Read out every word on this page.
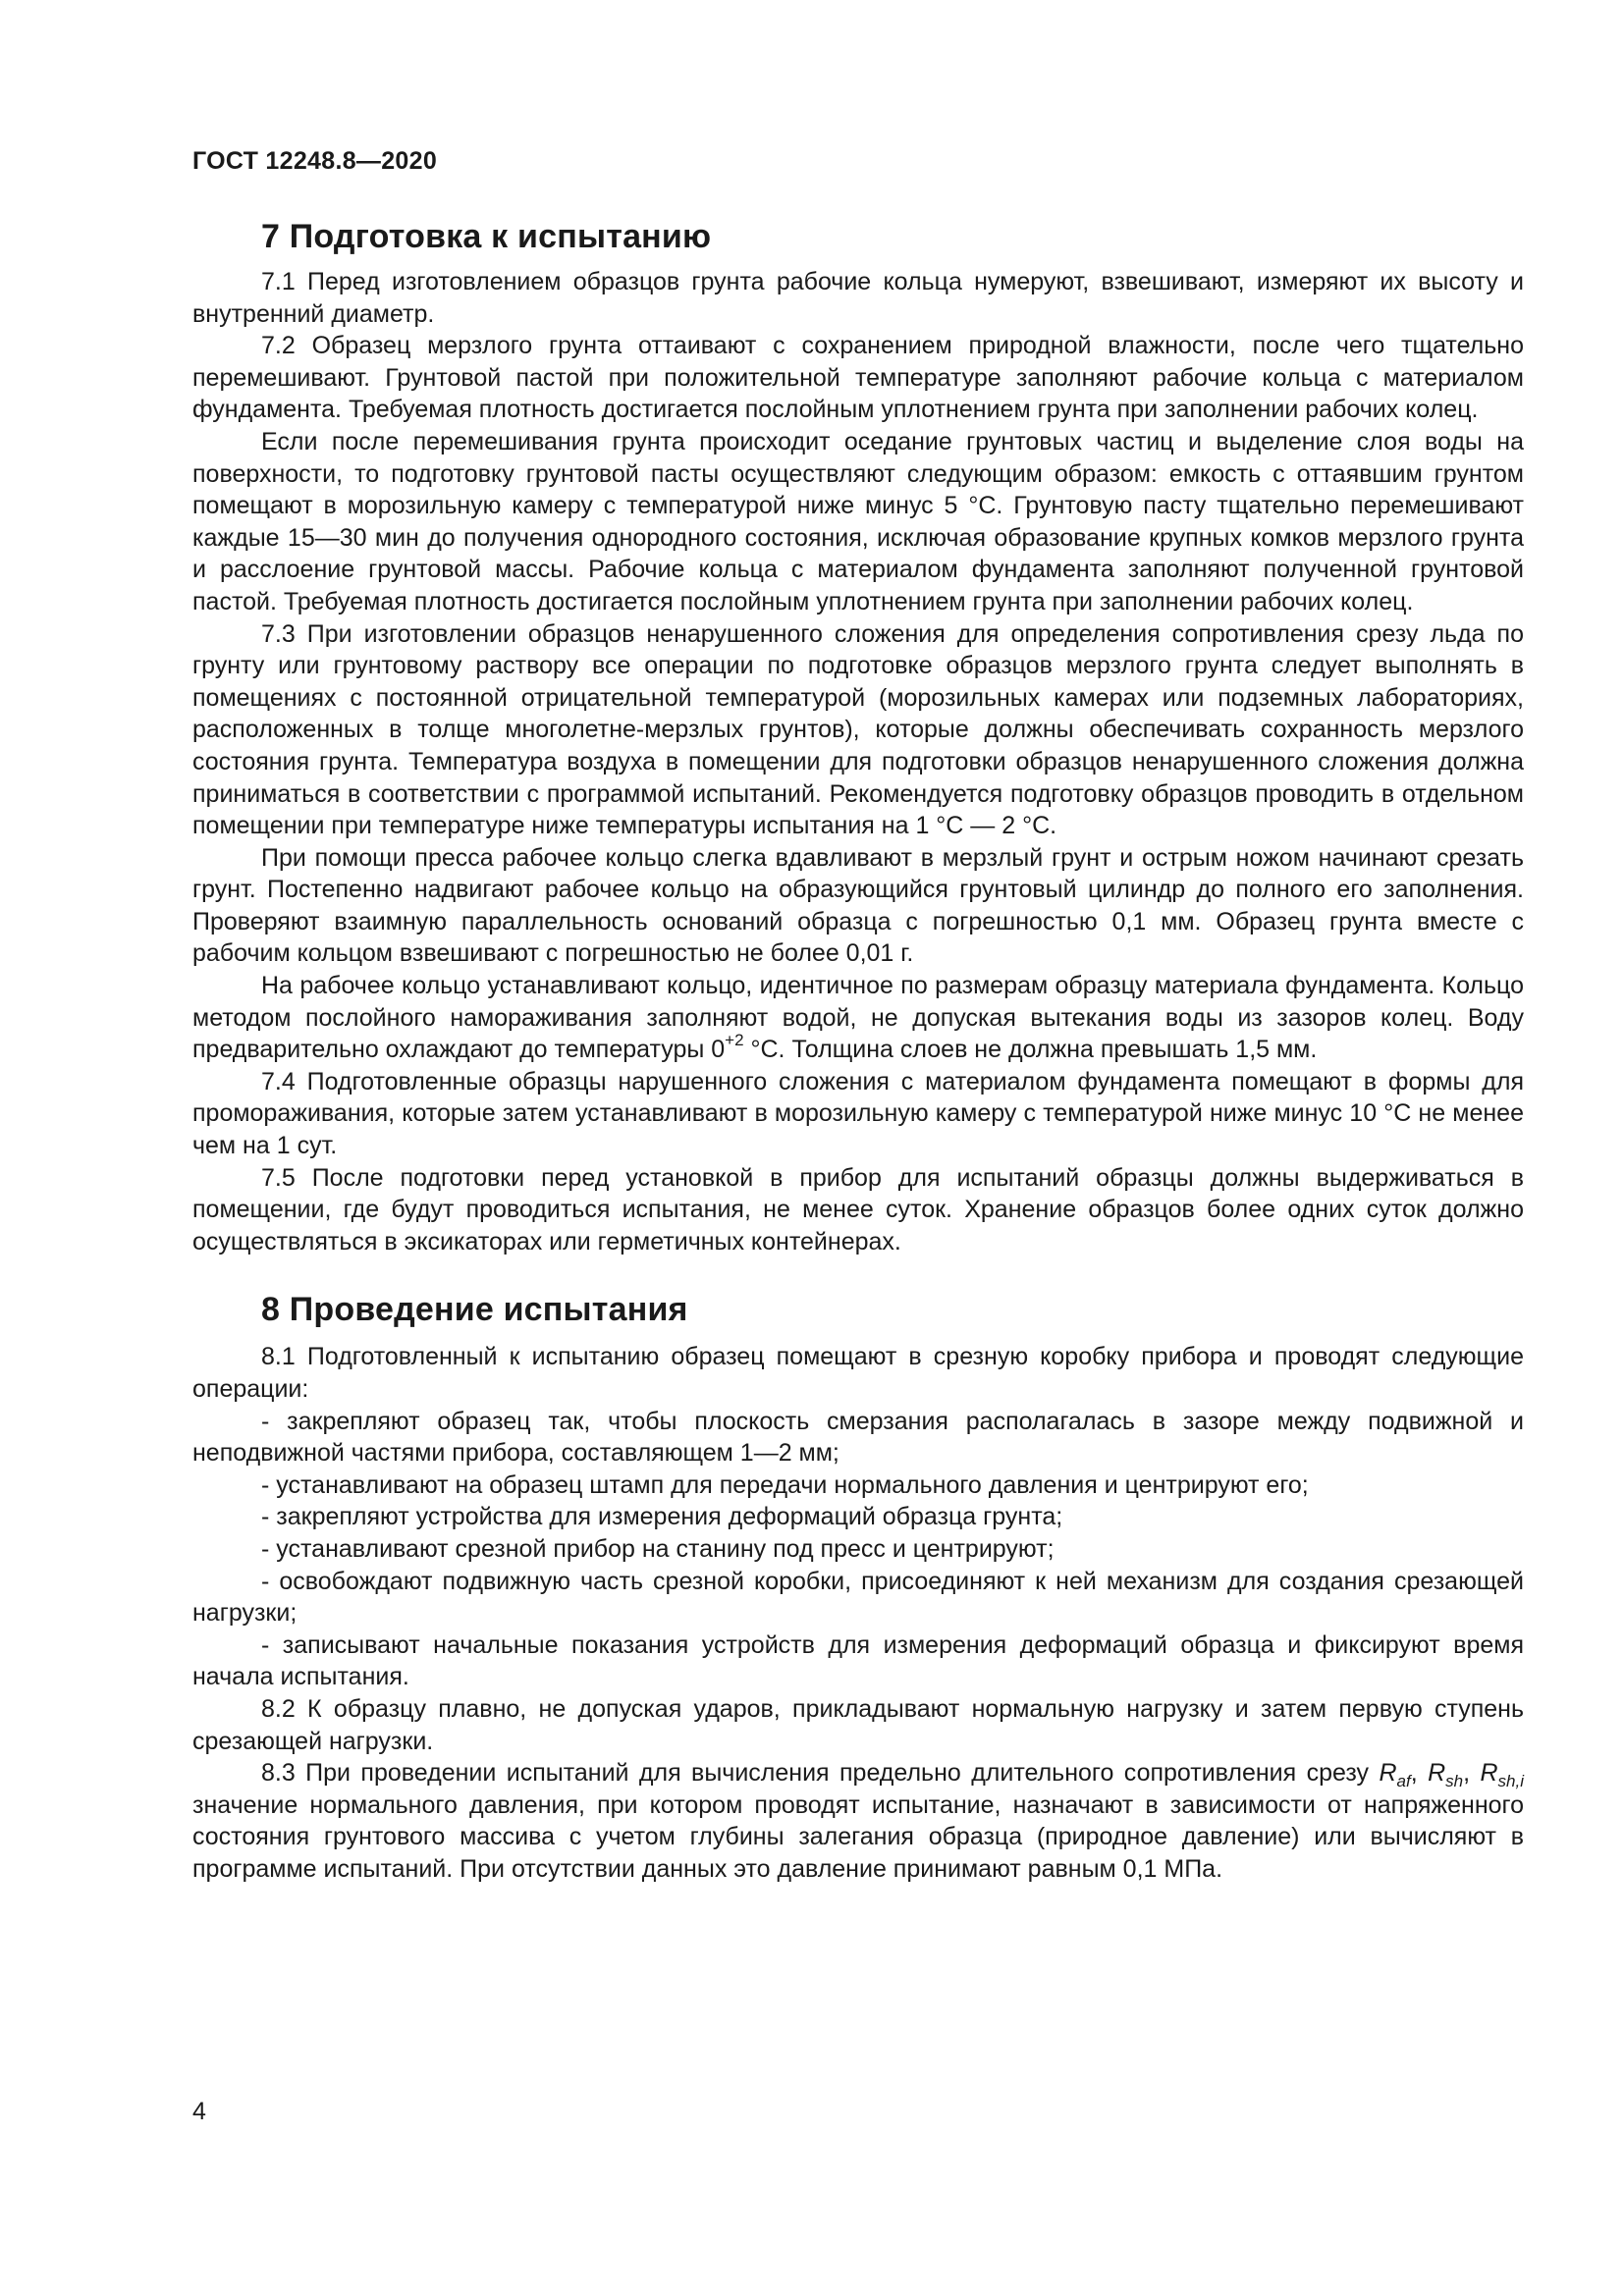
ГОСТ 12248.8—2020
7 Подготовка к испытанию

7.1 Перед изготовлением образцов грунта рабочие кольца нумеруют, взвешивают, измеряют их высоту и внутренний диаметр.

7.2 Образец мерзлого грунта оттаивают с сохранением природной влажности, после чего тщательно перемешивают. Грунтовой пастой при положительной температуре заполняют рабочие кольца с материалом фундамента. Требуемая плотность достигается послойным уплотнением грунта при заполнении рабочих колец.

Если после перемешивания грунта происходит оседание грунтовых частиц и выделение слоя воды на поверхности, то подготовку грунтовой пасты осуществляют следующим образом: емкость с оттаявшим грунтом помещают в морозильную камеру с температурой ниже минус 5 °С. Грунтовую пасту тщательно перемешивают каждые 15—30 мин до получения однородного состояния, исключая образование крупных комков мерзлого грунта и расслоение грунтовой массы. Рабочие кольца с материалом фундамента заполняют полученной грунтовой пастой. Требуемая плотность достигается послойным уплотнением грунта при заполнении рабочих колец.

7.3 При изготовлении образцов ненарушенного сложения для определения сопротивления срезу льда по грунту или грунтовому раствору все операции по подготовке образцов мерзлого грунта следует выполнять в помещениях с постоянной отрицательной температурой (морозильных камерах или подземных лабораториях, расположенных в толще многолетне-мерзлых грунтов), которые должны обеспечивать сохранность мерзлого состояния грунта. Температура воздуха в помещении для подготовки образцов ненарушенного сложения должна приниматься в соответствии с программой испытаний. Рекомендуется подготовку образцов проводить в отдельном помещении при температуре ниже температуры испытания на 1 °С — 2 °С.

При помощи пресса рабочее кольцо слегка вдавливают в мерзлый грунт и острым ножом начинают срезать грунт. Постепенно надвигают рабочее кольцо на образующийся грунтовый цилиндр до полного его заполнения. Проверяют взаимную параллельность оснований образца с погрешностью 0,1 мм. Образец грунта вместе с рабочим кольцом взвешивают с погрешностью не более 0,01 г.

На рабочее кольцо устанавливают кольцо, идентичное по размерам образцу материала фундамента. Кольцо методом послойного намораживания заполняют водой, не допуская вытекания воды из зазоров колец. Воду предварительно охлаждают до температуры $0^{+2}$ °С. Толщина слоев не должна превышать 1,5 мм.

7.4 Подготовленные образцы нарушенного сложения с материалом фундамента помещают в формы для промораживания, которые затем устанавливают в морозильную камеру с температурой ниже минус 10 °С не менее чем на 1 сут.

7.5 После подготовки перед установкой в прибор для испытаний образцы должны выдерживаться в помещении, где будут проводиться испытания, не менее суток. Хранение образцов более одних суток должно осуществляться в эксикаторах или герметичных контейнерах.

8 Проведение испытания

8.1 Подготовленный к испытанию образец помещают в срезную коробку прибора и проводят следующие операции:

- закрепляют образец так, чтобы плоскость смерзания располагалась в зазоре между подвижной и неподвижной частями прибора, составляющем 1—2 мм;

- устанавливают на образец штамп для передачи нормального давления и центрируют его;

- закрепляют устройства для измерения деформаций образца грунта;

- устанавливают срезной прибор на станину под пресс и центрируют;

- освобождают подвижную часть срезной коробки, присоединяют к ней механизм для создания срезающей нагрузки;

- записывают начальные показания устройств для измерения деформаций образца и фиксируют время начала испытания.

8.2 К образцу плавно, не допуская ударов, прикладывают нормальную нагрузку и затем первую ступень срезающей нагрузки.

8.3 При проведении испытаний для вычисления предельно длительного сопротивления срезу $R_{af}$, $R_{sh}$, $R_{sh,i}$ значение нормального давления, при котором проводят испытание, назначают в зависимости от напряженного состояния грунтового массива с учетом глубины залегания образца (природное давление) или вычисляют в программе испытаний. При отсутствии данных это давление принимают равным 0,1 МПа.

4
